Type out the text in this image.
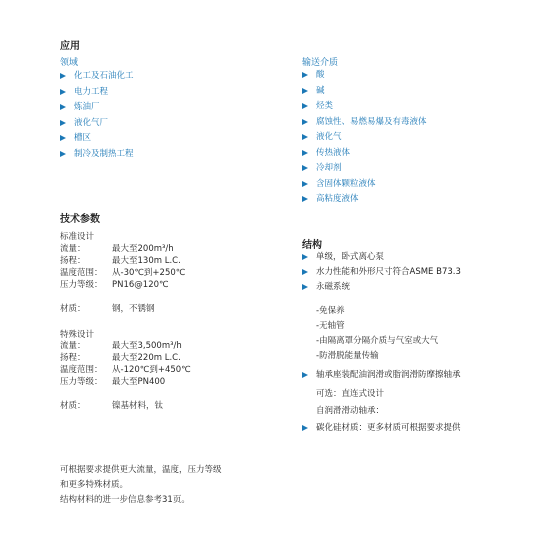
应用
领域
化工及石油化工
电力工程
炼油厂
液化气厂
槽区
制冷及制热工程
输送介质
酸
碱
烃类
腐蚀性、易燃易爆及有毒液体
液化气
传热液体
冷却剂
含固体颗粒液体
高粘度液体
技术参数
标准设计
流量：	最大至200m³/h
扬程：	最大至130m L.C.
温度范围： 从-30℃到+250℃
压力等级： PN16@120℃
材质：	钢，不锈钢
特殊设计
流量：	最大至3,500m³/h
扬程：	最大至220m L.C.
温度范围： 从-120℃到+450℃
压力等级： 最大至PN400
材质：	镍基材料，钛
结构
单级，卧式离心泵
水力性能和外形尺寸符合ASME B73.3
永磁系统
-免保养
-无轴管
-由隔离罩分隔介质与气室或大气
-防滑脱能量传输
轴承座装配油润滑或脂润滑防摩擦轴承
可选：直连式设计
自润滑滑动轴承：
碳化硅材质：更多材质可根据要求提供
可根据要求提供更大流量，温度，压力等级
和更多特殊材质。
结构材料的进一步信息参考31页。
